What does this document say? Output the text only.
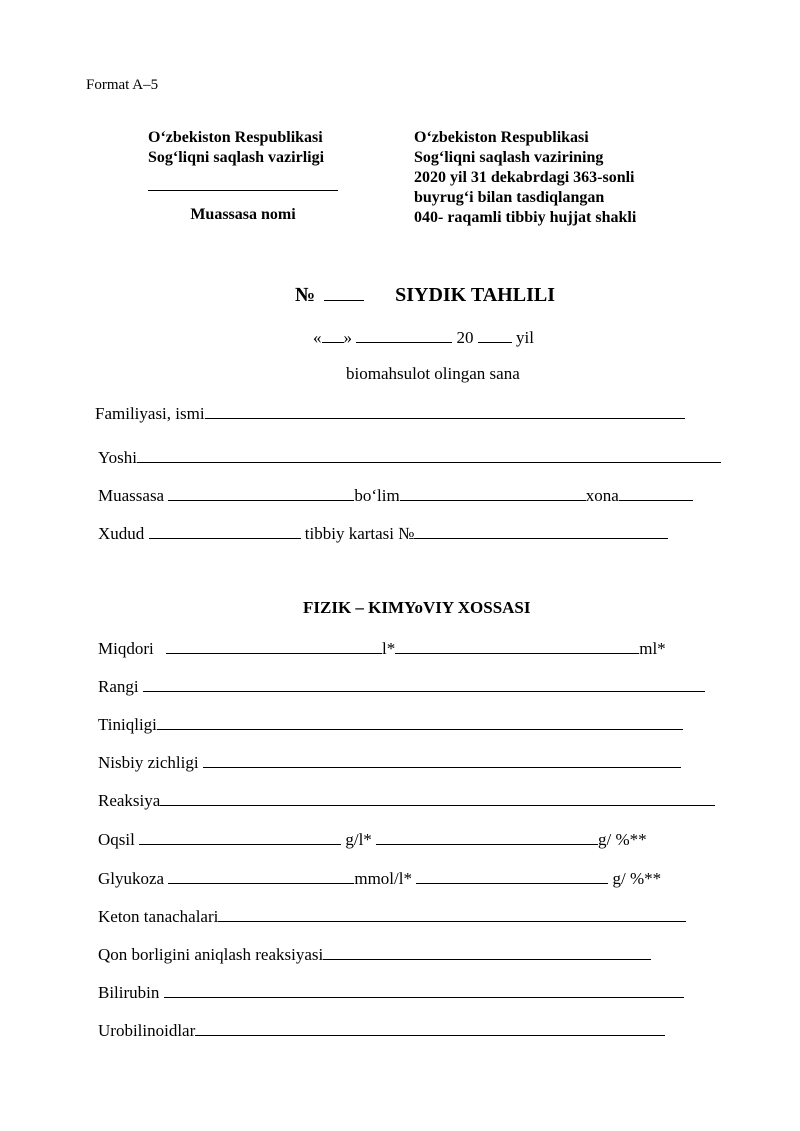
Format A–5
O‘zbekiston Respublikasi
Sog‘liqni saqlash vazirligi
Muassasa nomi
O‘zbekiston Respublikasi
Sog‘liqni saqlash vazirining
2020 yil 31 dekabrdagi 363-sonli
buyrug‘i bilan tasdiqlangan
040- raqamli tibbiy hujjat shakli
№	SIYDIK TAHLILI
« »	20	yil
biomahsulot olingan sana
Familiyasi, ismi
Yoshi
Muassasa	bo‘lim	xona
Xudud	tibbiy kartasi №
FIZIK – KIMYoVIY XOSSASI
Miqdori	l*	ml*
Rangi
Tiniqligi
Nisbiy zichligi
Reaksiya
Oqsil	g/l*	g/ %**
Glyukoza	mmol/l*	g/ %**
Keton tanachalari
Qon borligini aniqlash reaksiyasi
Bilirubin
Urobilinoidlar
